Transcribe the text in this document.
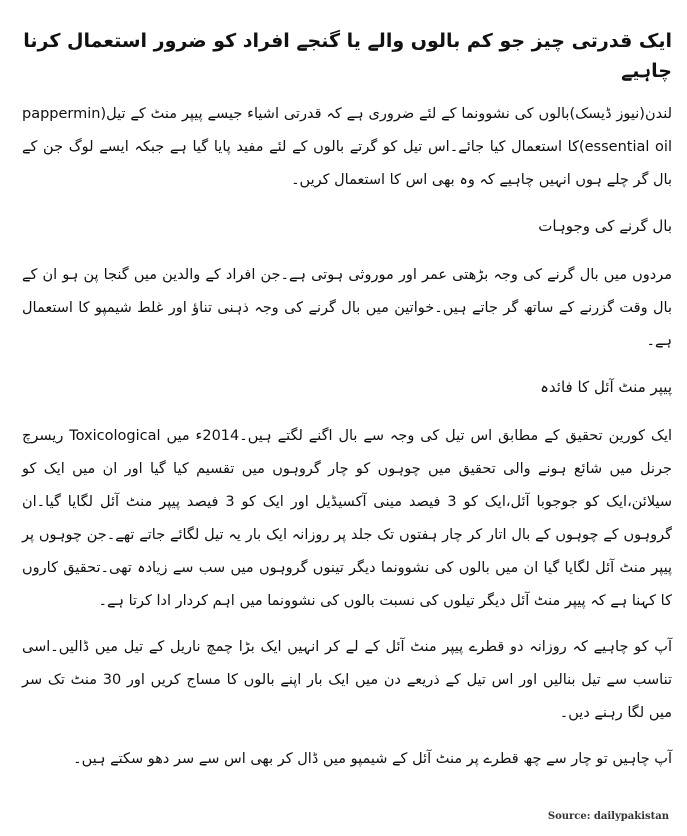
ایک قدرتی چیز جو کم بالوں والے یا گنجے افراد کو ضرور استعمال کرنا چاہیے

لندن(نیوز ڈیسک)بالوں کی نشوونما کے لئے ضروری ہے کہ قدرتی اشیاء جیسے پیپر منٹ کے تیل(pappermin essential oil)کا استعمال کیا جائے۔اس تیل کو گرتے بالوں کے لئے مفید پایا گیا ہے جبکہ ایسے لوگ جن کے بال گر چلے ہوں انہیں چاہیے کہ وہ بھی اس کا استعمال کریں۔

بال گرنے کی وجوہات

مردوں میں بال گرنے کی وجہ بڑھتی عمر اور موروثی ہوتی ہے۔جن افراد کے والدین میں گنجا پن ہو ان کے بال وقت گزرنے کے ساتھ گر جاتے ہیں۔خواتین میں بال گرنے کی وجہ ذہنی تناؤ اور غلط شیمپو کا استعمال ہے۔

پیپر منٹ آئل کا فائدہ

ایک کورین تحقیق کے مطابق اس تیل کی وجہ سے بال اگنے لگتے ہیں۔2014ء میں Toxicological ریسرچ جرنل میں شائع ہونے والی تحقیق میں چوہوں کو چار گروہوں میں تقسیم کیا گیا اور ان میں ایک کو سیلائن،ایک کو جوجوبا آئل،ایک کو 3 فیصد مینی آکسیڈیل اور ایک کو 3 فیصد پیپر منٹ آئل لگایا گیا۔ان گروہوں کے چوہوں کے بال اتار کر چار ہفتوں تک جلد پر روزانہ ایک بار یہ تیل لگائے جاتے تھے۔جن چوہوں پر پیپر منٹ آئل لگایا گیا ان میں بالوں کی نشوونما دیگر تینوں گروہوں میں سب سے زیادہ تھی۔تحقیق کاروں کا کہنا ہے کہ پیپر منٹ آئل دیگر تیلوں کی نسبت بالوں کی نشوونما میں اہم کردار ادا کرتا ہے۔

آپ کو چاہیے کہ روزانہ دو قطرے پیپر منٹ آئل کے لے کر انہیں ایک بڑا چمچ ناریل کے تیل میں ڈالیں۔اسی تناسب سے تیل بنالیں اور اس تیل کے ذریعے دن میں ایک بار اپنے بالوں کا مساج کریں اور 30 منٹ تک سر میں لگا رہنے دیں۔

آپ چاہیں تو چار سے چھ قطرے پر منٹ آئل کے شیمپو میں ڈال کر بھی اس سے سر دھو سکتے ہیں۔

Source: dailypakistan
